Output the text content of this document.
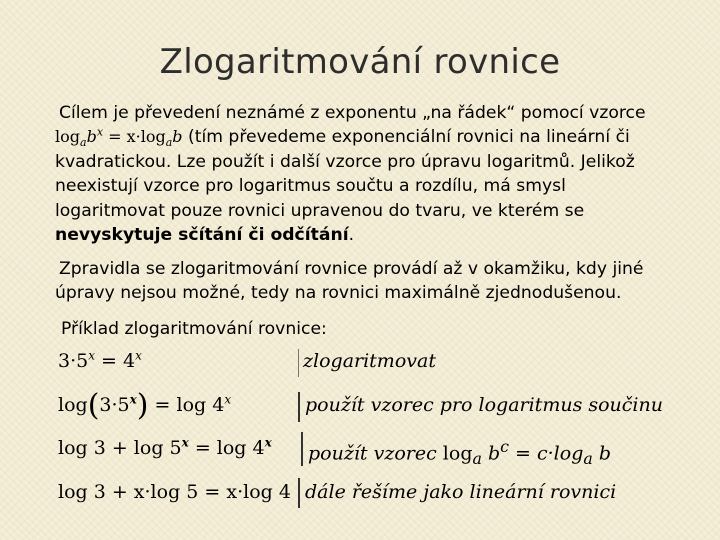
Zlogaritmování rovnice
Cílem je převedení neznámé z exponentu „na řádek“ pomocí vzorce $\log_ab^x = x\cdot\log_ab$ (tím převedeme exponenciální rovnici na lineární či kvadratickou. Lze použít i další vzorce pro úpravu logaritmů. Jelikož neexistují vzorce pro logaritmus součtu a rozdílu, má smysl logaritmovat pouze rovnici upravenou do tvaru, ve kterém se nevyskytuje sčítání či odčítání.
Zpravidla se zlogaritmování rovnice provádí až v okamžiku, kdy jiné úpravy nejsou možné, tedy na rovnici maximálně zjednodušenou.
Příklad zlogaritmování rovnice:
$3\cdot 5^x = 4^x$	zlogaritmovat
$\log(3\cdot 5^x) = \log 4^x$	použít vzorec pro logaritmus součinu
$\log 3 + \log 5^x = \log 4^x$ použít vzorec $\log_a b^c = c\cdot\log_a$ b
log 3 + x·log 5 = x·log 4 dále řešíme jako lineární rovnici
